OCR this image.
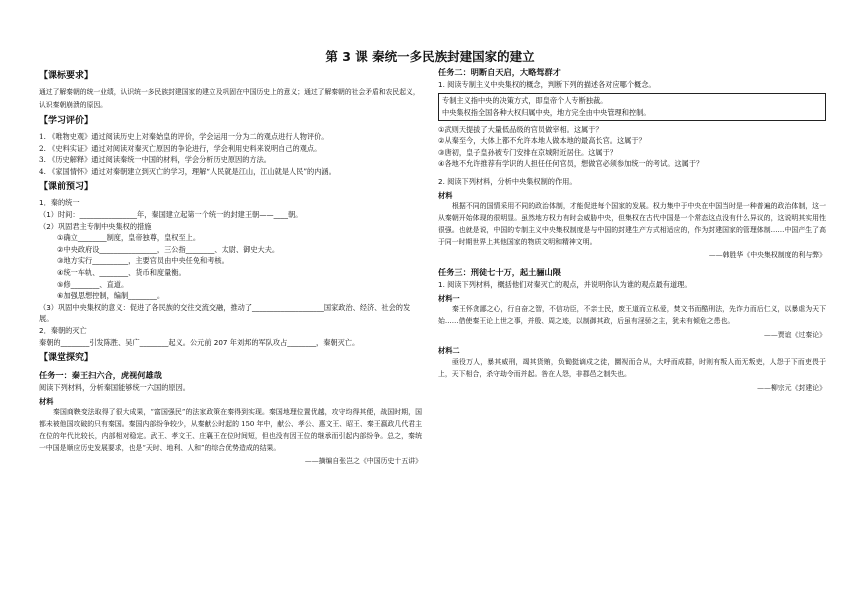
第 3 课 秦统一多民族封建国家的建立
【课标要求】

通过了解秦朝的统一业绩，认识统一多民族封建国家的建立及巩固在中国历史上的意义；通过了解秦朝的社会矛盾和农民起义，认识秦朝崩溃的原因。

【学习评价】

1. 《唯物史观》通过阅读历史上对秦始皇的评价，学会运用一分为二的观点进行人物评价。

2. 《史料实证》通过对阅读对秦灭亡原因的争论进行，学会利用史料来说明自己的观点。

3. 《历史解释》通过阅读秦统一中国的材料，学会分析历史原因的方法。

4. 《家国情怀》通过对秦朝建立到灭亡的学习，理解“人民就是江山，江山就是人民”的内涵。

【课前预习】

1．秦的统一

（1）时间：________________年，秦国建立起第一个统一的封建王朝——____朝。

（2）巩固君主专制中央集权的措施

①确立________制度，皇帝独尊，皇权至上。

②中央政府设________________，三公指________、太尉、御史大夫。

③地方实行__________，主要官员由中央任免和考核。

④统一车轨、________、货币和度量衡。

⑤修________、直道。

⑥加强思想控制，编制________。

（3）巩固中央集权的意义：促进了各民族的交往交流交融，推动了____________________国家政治、经济、社会的发展。

2．秦朝的灭亡

秦朝的________引发陈胜、吴广________起义。公元前 207 年刘邦的军队攻占________，秦朝灭亡。

【课堂探究】
任务一：秦王扫六合，虎视何雄哉

阅读下列材料，分析秦国能够统一六国的原因。

材料

秦国商鞅变法取得了很大成果，“富国强民”的法家政策在秦得到实现。秦国地理位置优越，攻守均得其便，战国时期，国都未被他国攻破的只有秦国。秦国内部纷争较少，从秦献公时起的 150 年中，献公、孝公、惠文王、昭王、秦王嬴政几代君主在位的年代比较长，内部相对稳定。武王、孝文王、庄襄王在位时间短，但也没有因王位的继承而引起内部纷争。总之，秦统一中国是顺应历史发展要求，也是“天时、地利、人和”的综合优势造成的结果。

——摘编自张岂之《中国历史十五讲》

任务二：明断自天启，大略驾群才

1. 阅读专制主义中央集权的概念，判断下列的描述各对应哪个概念。

专制主义指中央的决策方式，即皇帝个人专断独裁。
中央集权指全国各种大权归属中央，地方完全由中央管理和控制。

①武则天提拔了大量低品级的官员做宰相。这属于？

②从秦至今，大体上都不允许本地人做本地的最高长官。这属于？

③唐初，皇子皇孙被专门安排在京城附近居住。这属于？

④各地不允许推荐有学识的人担任任何官员，想做官必须参加统一的考试。这属于？

2. 阅读下列材料，分析中央集权制的作用。

材料

根据不同的国情采用不同的政治体制，才能促进每个国家的发展。权力集中于中央在中国当时是一种普遍的政治体制，这一从秦朝开始体现的很明显。虽然地方权力有时会威胁中央，但集权在古代中国是一个常态这点没有什么异议的，这说明其实用性很强。也就是说，中国的专制主义中央集权制度是与中国的封建生产方式相适应的，作为封建国家的管理体制……中国产生了高于同一时期世界上其他国家的物质文明和精神文明。

——韩胜华《中央集权制度的利与弊》

任务三：刑徒七十万，起土骊山隈

1. 阅读下列材料，概括他们对秦灭亡的观点，并说明你认为谁的观点最有道理。

材料一

秦王怀贪鄙之心，行自奋之智，不信功臣，不亲士民，废王道而立私爱，焚文书而酷刑法，先诈力而后仁义，以暴虐为天下始……借使秦王论上世之事，并殷、周之迹，以制御其政，后虽有淫骄之主，犹未有倾危之患也。

——贾谊《过秦论》

材料二

亟役万人，暴其威刑，竭其货贿，负锄挺谪戍之徒，圜视而合从，大呼而成群，时则有叛人而无叛吏，人怨于下而吏畏于上，天下相合，杀守劫令而并起。咎在人怨，非郡邑之制失也。

——柳宗元《封建论》
